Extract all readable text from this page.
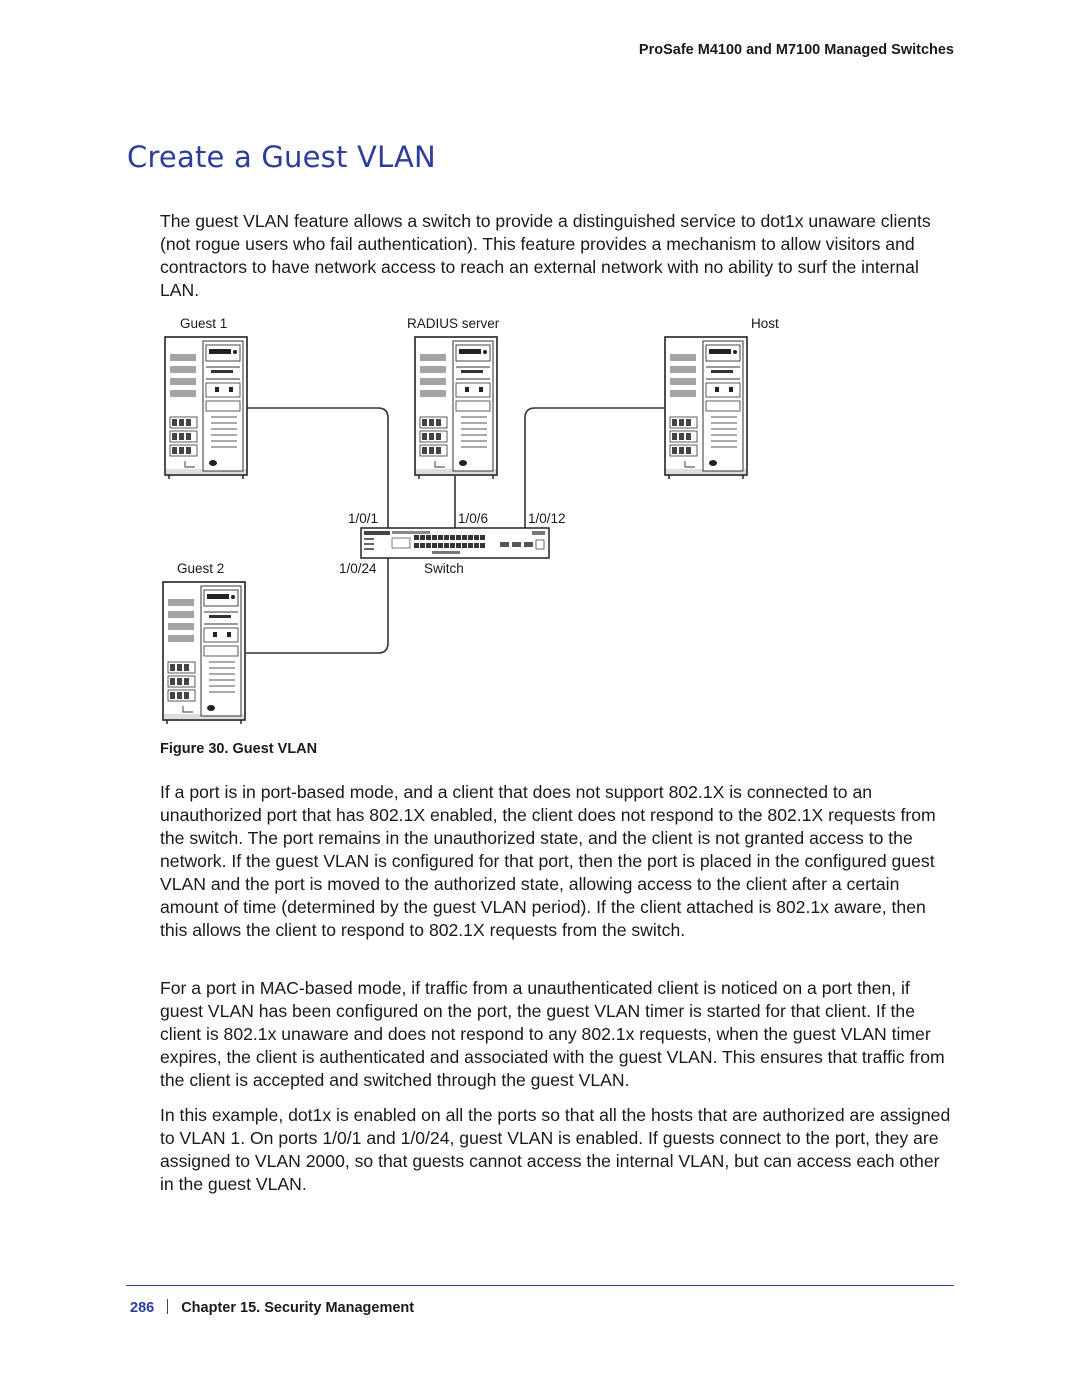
ProSafe M4100 and M7100 Managed Switches
Create a Guest VLAN

The guest VLAN feature allows a switch to provide a distinguished service to dot1x unaware clients (not rogue users who fail authentication). This feature provides a mechanism to allow visitors and contractors to have network access to reach an external network with no ability to surf the internal LAN.

Guest 1	RADIUS server	Host
1/0/1	1/0/6	1/0/12
Guest 2	1/0/24	Switch
Figure 30. Guest VLAN

If a port is in port-based mode, and a client that does not support 802.1X is connected to an unauthorized port that has 802.1X enabled, the client does not respond to the 802.1X requests from the switch. The port remains in the unauthorized state, and the client is not granted access to the network. If the guest VLAN is configured for that port, then the port is placed in the configured guest VLAN and the port is moved to the authorized state, allowing access to the client after a certain amount of time (determined by the guest VLAN period). If the client attached is 802.1x aware, then this allows the client to respond to 802.1X requests from the switch.

For a port in MAC-based mode, if traffic from a unauthenticated client is noticed on a port then, if guest VLAN has been configured on the port, the guest VLAN timer is started for that client. If the client is 802.1x unaware and does not respond to any 802.1x requests, when the guest VLAN timer expires, the client is authenticated and associated with the guest VLAN. This ensures that traffic from the client is accepted and switched through the guest VLAN.

In this example, dot1x is enabled on all the ports so that all the hosts that are authorized are assigned to VLAN 1. On ports 1/0/1 and 1/0/24, guest VLAN is enabled. If guests connect to the port, they are assigned to VLAN 2000, so that guests cannot access the internal VLAN, but can access each other in the guest VLAN.

286 Chapter 15. Security Management
